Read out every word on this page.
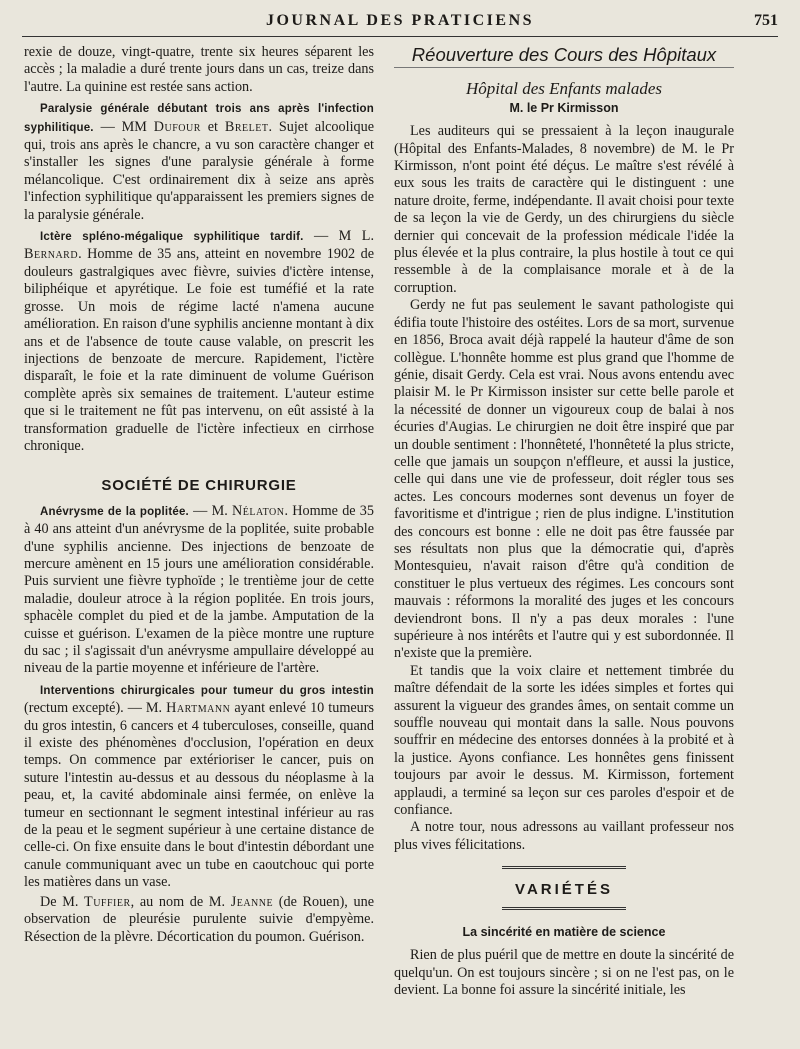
JOURNAL DES PRATICIENS	751

rexie de douze, vingt-quatre, trente six heures séparent les accès ; la maladie a duré trente jours dans un cas, treize dans l'autre. La quinine est restée sans action.

Paralysie générale débutant trois ans après l'infection syphilitique. — MM Dufour et Brelet. Sujet alcoolique qui, trois ans après le chancre, a vu son caractère changer et s'installer les signes d'une paralysie générale à forme mélancolique. C'est ordinairement dix à seize ans après l'infection syphilitique qu'apparaissent les premiers signes de la paralysie générale.

Ictère spléno-mégalique syphilitique tardif. — M L. Bernard. Homme de 35 ans, atteint en novembre 1902 de douleurs gastralgiques avec fièvre, suivies d'ictère intense, biliphéique et apyrétique. Le foie est tuméfié et la rate grosse. Un mois de régime lacté n'amena aucune amélioration. En raison d'une syphilis ancienne montant à dix ans et de l'absence de toute cause valable, on prescrit les injections de benzoate de mercure. Rapidement, l'ictère disparaît, le foie et la rate diminuent de volume Guérison complète après six semaines de traitement. L'auteur estime que si le traitement ne fût pas intervenu, on eût assisté à la transformation graduelle de l'ictère infectieux en cirrhose chronique.

SOCIÉTÉ DE CHIRURGIE

Anévrysme de la poplitée. — M. Nélaton. Homme de 35 à 40 ans atteint d'un anévrysme de la poplitée, suite probable d'une syphilis ancienne. Des injections de benzoate de mercure amènent en 15 jours une amélioration considérable. Puis survient une fièvre typhoïde ; le trentième jour de cette maladie, douleur atroce à la région poplitée. En trois jours, sphacèle complet du pied et de la jambe. Amputation de la cuisse et guérison. L'examen de la pièce montre une rupture du sac ; il s'agissait d'un anévrysme ampullaire développé au niveau de la partie moyenne et inférieure de l'artère.

Interventions chirurgicales pour tumeur du gros intestin (rectum excepté). — M. Hartmann ayant enlevé 10 tumeurs du gros intestin, 6 cancers et 4 tuberculoses, conseille, quand il existe des phénomènes d'occlusion, l'opération en deux temps. On commence par extérioriser le cancer, puis on suture l'intestin au-dessus et au dessous du néoplasme à la peau, et, la cavité abdominale ainsi fermée, on enlève la tumeur en sectionnant le segment intestinal inférieur au ras de la peau et le segment supérieur à une certaine distance de celle-ci. On fixe ensuite dans le bout d'intestin débordant une canule communiquant avec un tube en caoutchouc qui porte les matières dans un vase.

De M. Tuffier, au nom de M. Jeanne (de Rouen), une observation de pleurésie purulente suivie d'empyème. Résection de la plèvre. Décortication du poumon. Guérison.

Réouverture des Cours des Hôpitaux
Hôpital des Enfants malades
M. le Pr Kirmisson

Les auditeurs qui se pressaient à la leçon inaugurale (Hôpital des Enfants-Malades, 8 novembre) de M. le Pr Kirmisson, n'ont point été déçus. Le maître s'est révélé à eux sous les traits de caractère qui le distinguent : une nature droite, ferme, indépendante. Il avait choisi pour texte de sa leçon la vie de Gerdy, un des chirurgiens du siècle dernier qui concevait de la profession médicale l'idée la plus élevée et la plus contraire, la plus hostile à tout ce qui ressemble à de la complaisance morale et à de la corruption.

Gerdy ne fut pas seulement le savant pathologiste qui édifia toute l'histoire des ostéites. Lors de sa mort, survenue en 1856, Broca avait déjà rappelé la hauteur d'âme de son collègue. L'honnête homme est plus grand que l'homme de génie, disait Gerdy. Cela est vrai. Nous avons entendu avec plaisir M. le Pr Kirmisson insister sur cette belle parole et la nécessité de donner un vigoureux coup de balai à nos écuries d'Augias. Le chirurgien ne doit être inspiré que par un double sentiment : l'honnêteté, l'honnêteté la plus stricte, celle que jamais un soupçon n'effleure, et aussi la justice, celle qui dans une vie de professeur, doit régler tous ses actes. Les concours modernes sont devenus un foyer de favoritisme et d'intrigue ; rien de plus indigne. L'institution des concours est bonne : elle ne doit pas être faussée par ses résultats non plus que la démocratie qui, d'après Montesquieu, n'avait raison d'être qu'à condition de constituer le plus vertueux des régimes. Les concours sont mauvais : réformons la moralité des juges et les concours deviendront bons. Il n'y a pas deux morales : l'une supérieure à nos intérêts et l'autre qui y est subordonnée. Il n'existe que la première.

Et tandis que la voix claire et nettement timbrée du maître défendait de la sorte les idées simples et fortes qui assurent la vigueur des grandes âmes, on sentait comme un souffle nouveau qui montait dans la salle. Nous pouvons souffrir en médecine des entorses données à la probité et à la justice. Ayons confiance. Les honnêtes gens finissent toujours par avoir le dessus. M. Kirmisson, fortement applaudi, a terminé sa leçon sur ces paroles d'espoir et de confiance.

A notre tour, nous adressons au vaillant professeur nos plus vives félicitations.

VARIÉTÉS
La sincérité en matière de science

Rien de plus puéril que de mettre en doute la sincérité de quelqu'un. On est toujours sincère ; si on ne l'est pas, on le devient. La bonne foi assure la sincérité initiale, les
